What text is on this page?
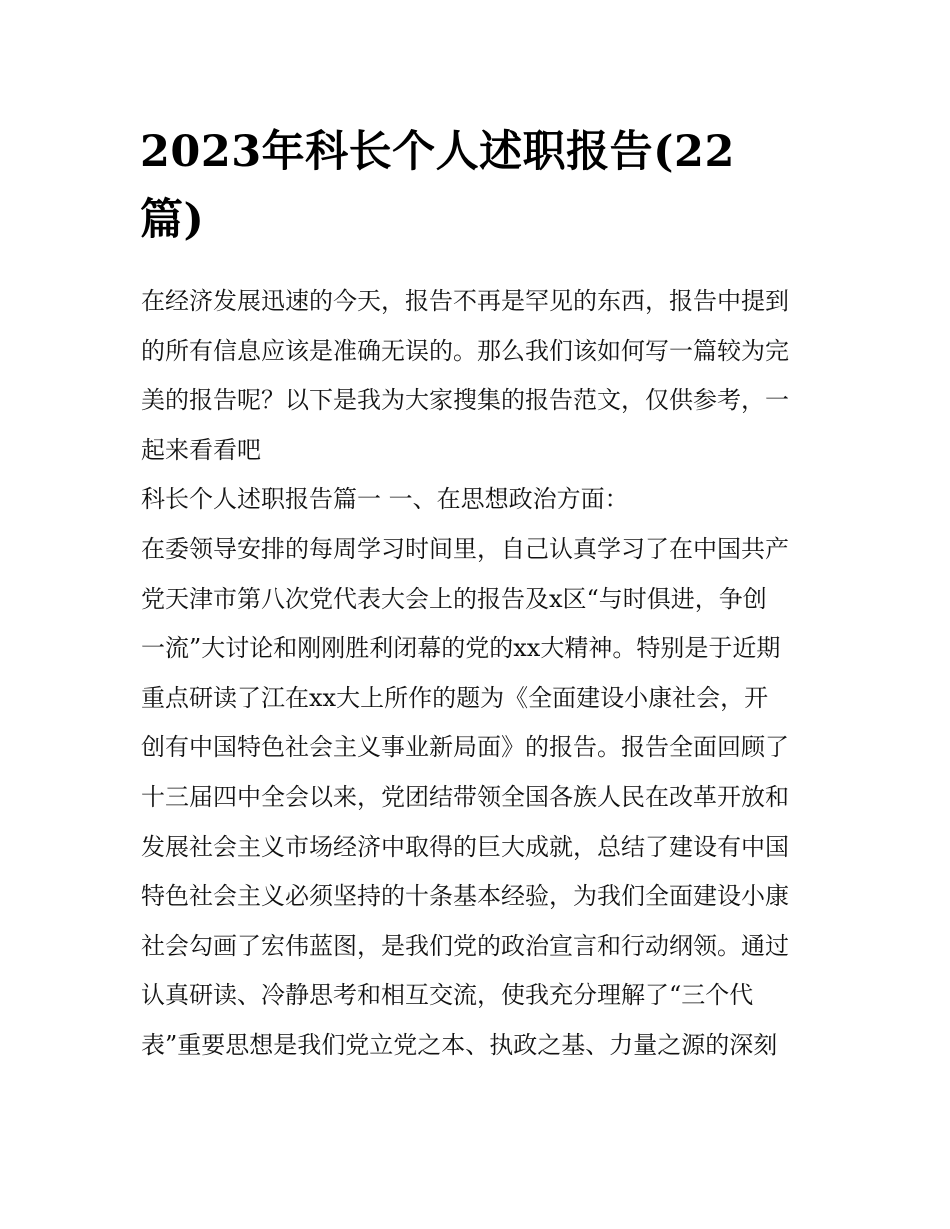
2023年科长个人述职报告(22
篇)
在经济发展迅速的今天，报告不再是罕见的东西，报告中提到
的所有信息应该是准确无误的。那么我们该如何写一篇较为完
美的报告呢？以下是我为大家搜集的报告范文，仅供参考，一
起来看看吧
科长个人述职报告篇一 一、在思想政治方面：
在委领导安排的每周学习时间里，自己认真学习了在中国共产
党天津市第八次党代表大会上的报告及x区“与时俱进，争创
一流”大讨论和刚刚胜利闭幕的党的xx大精神。特别是于近期
重点研读了江在xx大上所作的题为《全面建设小康社会，开
创有中国特色社会主义事业新局面》的报告。报告全面回顾了
十三届四中全会以来，党团结带领全国各族人民在改革开放和
发展社会主义市场经济中取得的巨大成就，总结了建设有中国
特色社会主义必须坚持的十条基本经验，为我们全面建设小康
社会勾画了宏伟蓝图，是我们党的政治宣言和行动纲领。通过
认真研读、冷静思考和相互交流，使我充分理解了“三个代
表”重要思想是我们党立党之本、执政之基、力量之源的深刻
